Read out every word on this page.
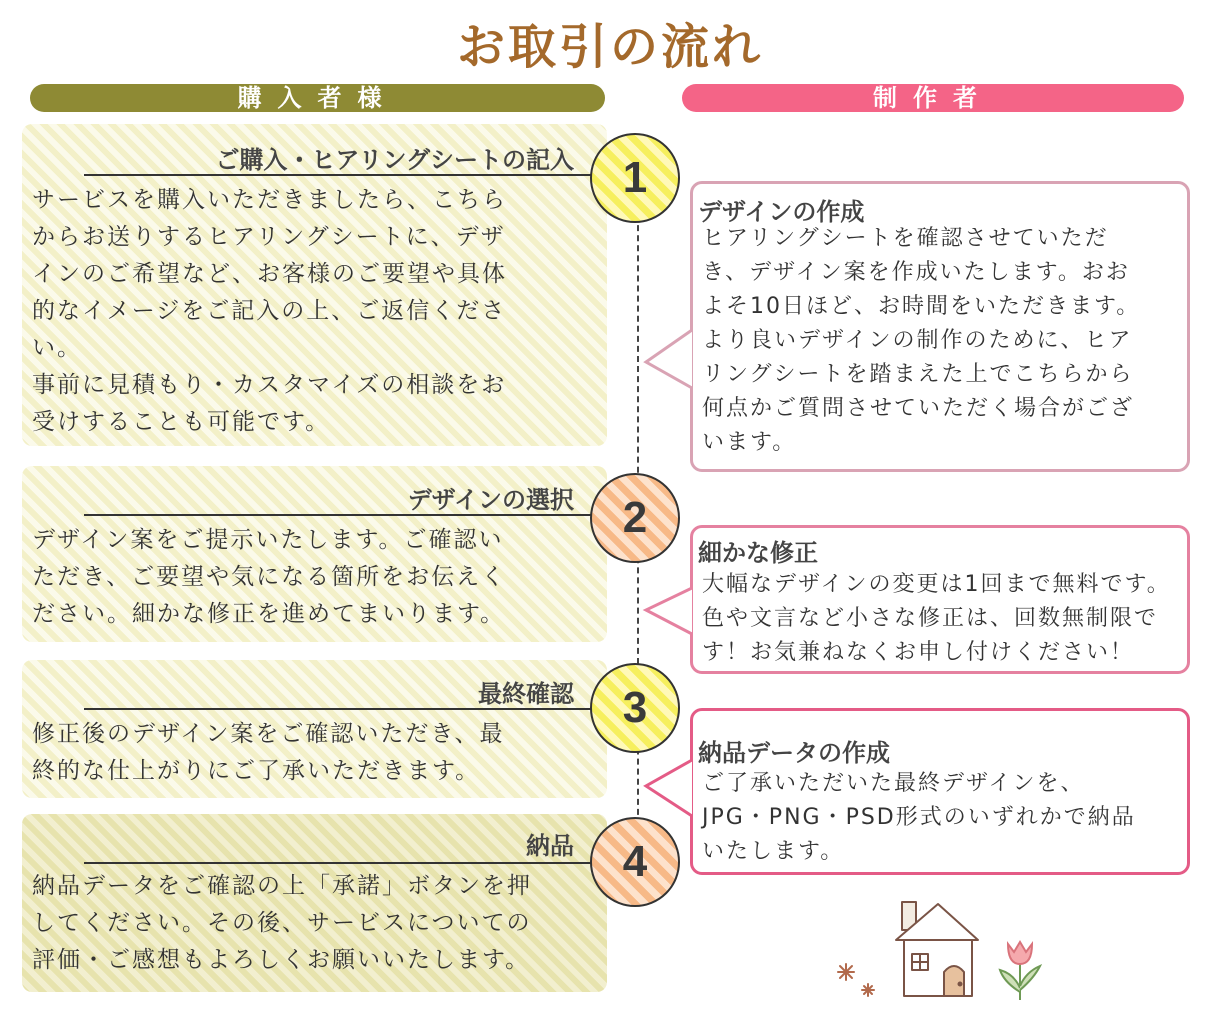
お取引の流れ
購入者様	制作者
ご購入・ヒアリングシートの記入
サービスを購入いただきましたら、こちら
からお送りするヒアリングシートに、デザ
インのご希望など、お客様のご要望や具体
的なイメージをご記入の上、ご返信くださ
い。
事前に見積もり・カスタマイズの相談をお
受けすることも可能です。
デザインの選択
デザイン案をご提示いたします。ご確認い
ただき、ご要望や気になる箇所をお伝えく
ださい。細かな修正を進めてまいります。
最終確認
修正後のデザイン案をご確認いただき、最
終的な仕上がりにご了承いただきます。
納品
納品データをご確認の上「承諾」ボタンを押
してください。その後、サービスについての
評価・ご感想もよろしくお願いいたします。
1
2
3
4
デザインの作成
ヒアリングシートを確認させていただ
き、デザイン案を作成いたします。おお
よそ10日ほど、お時間をいただきます。
より良いデザインの制作のために、ヒア
リングシートを踏まえた上でこちらから
何点かご質問させていただく場合がござ
います。
細かな修正
大幅なデザインの変更は1回まで無料です。
色や文言など小さな修正は、回数無制限で
す！お気兼ねなくお申し付けください！
納品データの作成
ご了承いただいた最終デザインを、
JPG・PNG・PSD形式のいずれかで納品
いたします。
